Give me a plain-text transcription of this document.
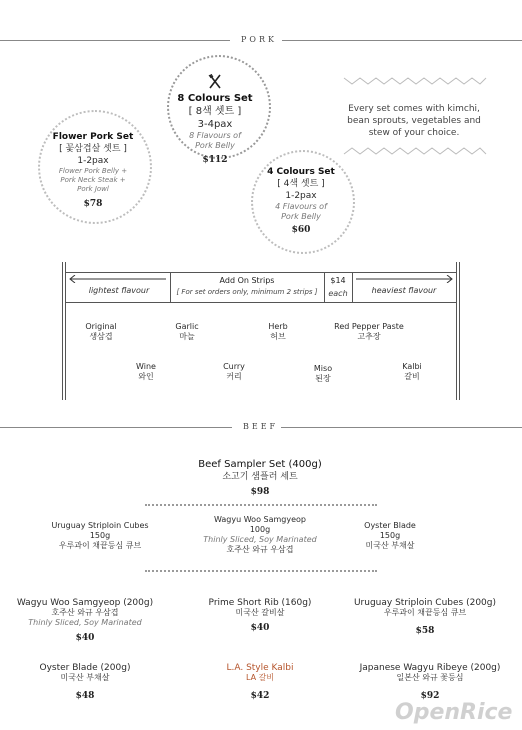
PORK
8 Colours Set
[ 8색 셋트 ]
3-4pax
8 Flavours of Pork Belly
$112
Flower Pork Set
[ 꽃삼겹살 셋트 ]
1-2pax
Flower Pork Belly + Pork Neck Steak + Pork Jowl
$78
4 Colours Set
[ 4색 셋트 ]
1-2pax
4 Flavours of Pork Belly
$60
Every set comes with kimchi, bean sprouts, vegetables and stew of your choice.
lightest flavour
Add On Strips
[ For set orders only, minimum 2 strips ]
$14
each	heaviest flavour
Original
생삼겹
Garlic
마늘
Herb
허브
Red Pepper Paste
고추장
Wine
와인
Curry
커리
Miso
된장
Kalbi
갈비
BEEF
Beef Sampler Set (400g)
소고기 샘플러 세트
$98
Uruguay Striploin Cubes
150g
우루과이 채끝등심 큐브
Wagyu Woo Samgyeop
100g
Thinly Sliced, Soy Marinated
호주산 와규 우삼겹
Oyster Blade
150g
미국산 부채살
Wagyu Woo Samgyeop (200g)
호주산 와규 우삼겹
Thinly Sliced, Soy Marinated
$40
Prime Short Rib (160g)
미국산 갈비살
$40
Uruguay Striploin Cubes (200g)
우루과이 채끝등심 큐브
$58
Oyster Blade (200g)
미국산 부채살
$48
L.A. Style Kalbi
LA 갈비
$42
Japanese Wagyu Ribeye (200g)
일본산 와규 꽃등심
$92
OpenRice
